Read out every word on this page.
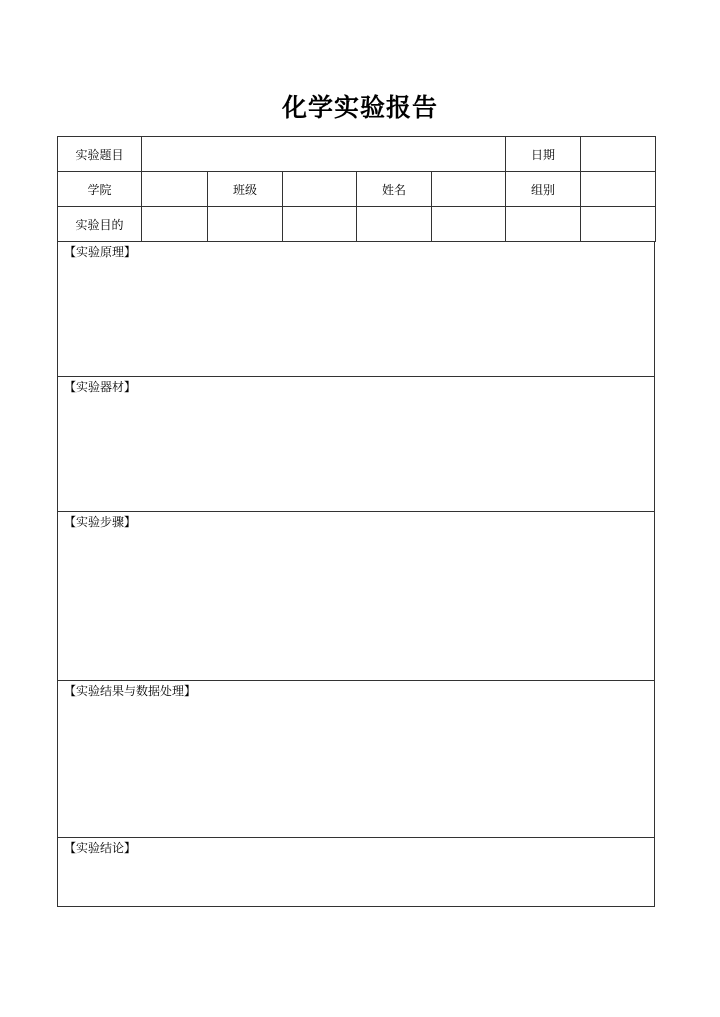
化学实验报告
实验题目						日期	
学院		班级		姓名		组别	
实验目的							
【实验原理】
【实验器材】
【实验步骤】
【实验结果与数据处理】
【实验结论】
